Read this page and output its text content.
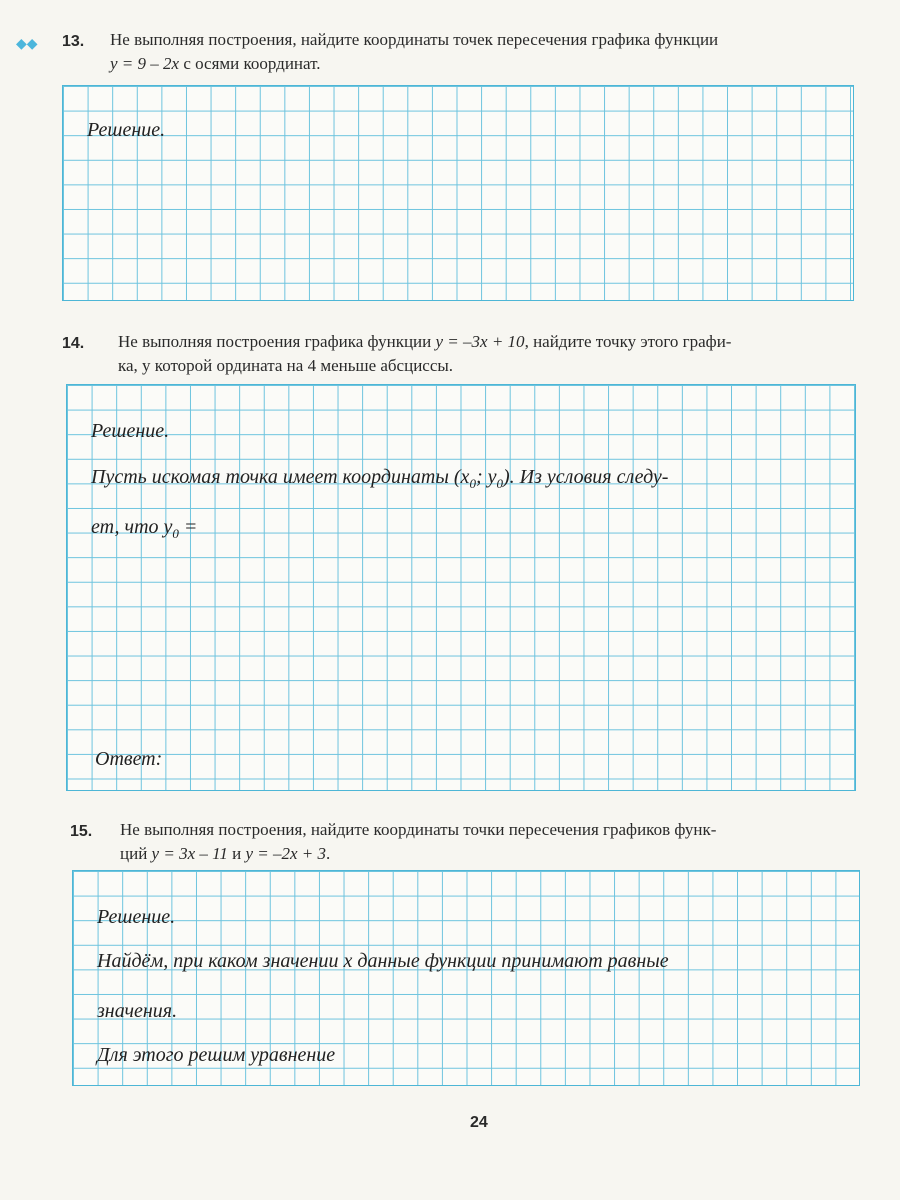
◆◆ 13. Не выполняя построения, найдите координаты точек пересечения графика функции
y = 9 – 2x с осями координат.
Решение.
14. Не выполняя построения графика функции y = –3x + 10, найдите точку этого графи-
ка, у которой ордината на 4 меньше абсциссы.
Решение.
Пусть искомая точка имеет координаты ($x_0$; $y_0$). Из условия следу-
ет, что $y_0$ =
Ответ:
15. Не выполняя построения, найдите координаты точки пересечения графиков функ-
ций y = 3x – 11 и y = –2x + 3.
Решение.
Найдём, при каком значении x данные функции принимают равные
значения.
Для этого решим уравнение
24
